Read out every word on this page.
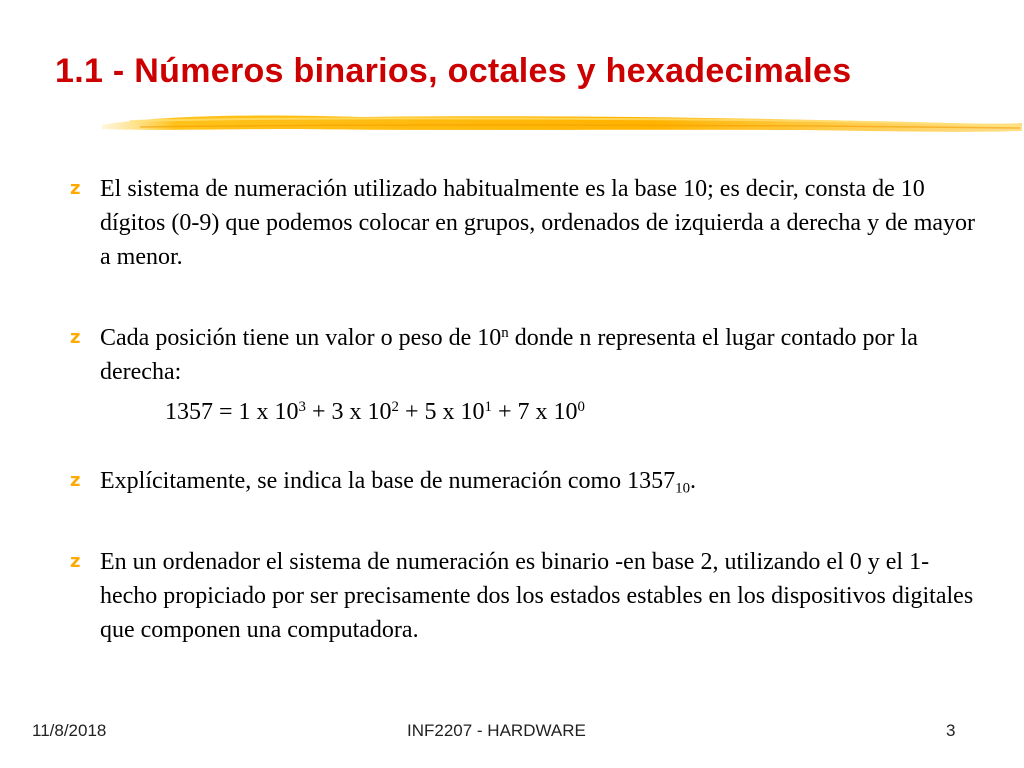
1.1 - Números binarios, octales y hexadecimales
z El sistema de numeración utilizado habitualmente es la base 10; es decir, consta de 10 dígitos (0-9) que podemos colocar en grupos, ordenados de izquierda a derecha y de mayor a menor.
z Cada posición tiene un valor o peso de 10$^n$ donde n representa el lugar contado por la derecha:
1357 = 1 x $10^3 + 3$ x $10^2 + 5$ x $10^1 + 7$ x $10^0$
z Explícitamente, se indica la base de numeración como $1357_{10}$.
z En un ordenador el sistema de numeración es binario -en base 2, utilizando el 0 y el 1- hecho propiciado por ser precisamente dos los estados estables en los dispositivos digitales que componen una computadora.
11/8/2018	INF2207 - HARDWARE	3
